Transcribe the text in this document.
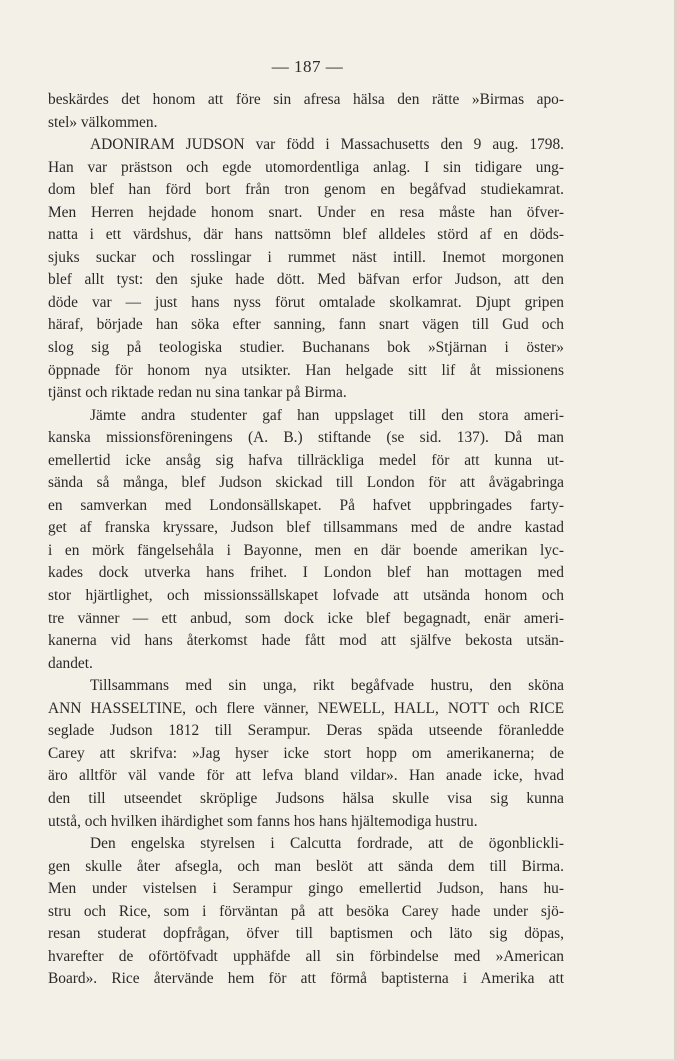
— 187 —
beskärdes det honom att före sin afresa hälsa den rätte »Birmas apo-
stel» välkommen.
ADONIRAM JUDSON var född i Massachusetts den 9 aug. 1798.
Han var prästson och egde utomordentliga anlag. I sin tidigare ung-
dom blef han förd bort från tron genom en begåfvad studiekamrat.
Men Herren hejdade honom snart. Under en resa måste han öfver-
natta i ett värdshus, där hans nattsömn blef alldeles störd af en döds-
sjuks suckar och rosslingar i rummet näst intill. Inemot morgonen
blef allt tyst: den sjuke hade dött. Med bäfvan erfor Judson, att den
döde var — just hans nyss förut omtalade skolkamrat. Djupt gripen
häraf, började han söka efter sanning, fann snart vägen till Gud och
slog sig på teologiska studier. Buchanans bok »Stjärnan i öster»
öppnade för honom nya utsikter. Han helgade sitt lif åt missionens
tjänst och riktade redan nu sina tankar på Birma.
Jämte andra studenter gaf han uppslaget till den stora ameri-
kanska missionsföreningens (A. B.) stiftande (se sid. 137). Då man
emellertid icke ansåg sig hafva tillräckliga medel för att kunna ut-
sända så många, blef Judson skickad till London för att åvägabringa
en samverkan med Londonsällskapet. På hafvet uppbringades farty-
get af franska kryssare, Judson blef tillsammans med de andre kastad
i en mörk fängelsehåla i Bayonne, men en där boende amerikan lyc-
kades dock utverka hans frihet. I London blef han mottagen med
stor hjärtlighet, och missionssällskapet lofvade att utsända honom och
tre vänner — ett anbud, som dock icke blef begagnadt, enär ameri-
kanerna vid hans återkomst hade fått mod att själfve bekosta utsän-
dandet.
Tillsammans med sin unga, rikt begåfvade hustru, den sköna
ANN HASSELTINE, och flere vänner, NEWELL, HALL, NOTT och RICE
seglade Judson 1812 till Serampur. Deras späda utseende föranledde
Carey att skrifva: »Jag hyser icke stort hopp om amerikanerna; de
äro alltför väl vande för att lefva bland vildar». Han anade icke, hvad
den till utseendet skröplige Judsons hälsa skulle visa sig kunna
utstå, och hvilken ihärdighet som fanns hos hans hjältemodiga hustru.
Den engelska styrelsen i Calcutta fordrade, att de ögonblickli-
gen skulle åter afsegla, och man beslöt att sända dem till Birma.
Men under vistelsen i Serampur gingo emellertid Judson, hans hu-
stru och Rice, som i förväntan på att besöka Carey hade under sjö-
resan studerat dopfrågan, öfver till baptismen och läto sig döpas,
hvarefter de oförtöfvadt upphäfde all sin förbindelse med »American
Board». Rice återvände hem för att förmå baptisterna i Amerika att
